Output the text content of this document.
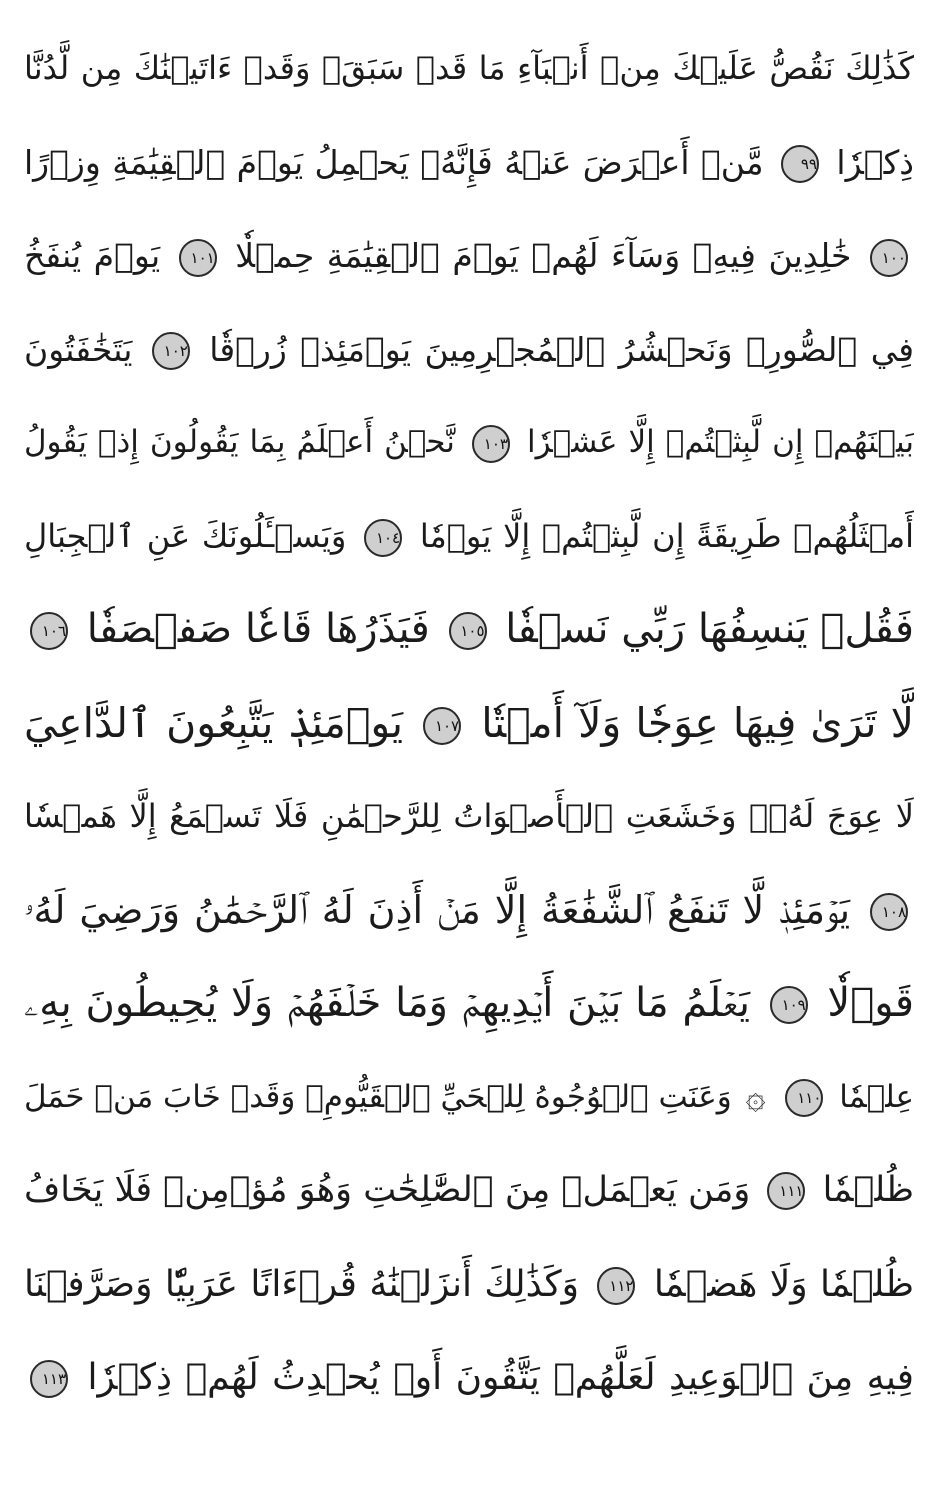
كَذَٰلِكَ نَقُصُّ عَلَيۡكَ مِنۡ أَنۢبَآءِ مَا قَدۡ سَبَقَۚ وَقَدۡ ءَاتَيۡنَٰكَ مِن لَّدُنَّا
ذِكۡرٗا ٩٩ مَّنۡ أَعۡرَضَ عَنۡهُ فَإِنَّهُۥ يَحۡمِلُ يَوۡمَ ٱلۡقِيَٰمَةِ وِزۡرًا
١٠٠ خَٰلِدِينَ فِيهِۖ وَسَآءَ لَهُمۡ يَوۡمَ ٱلۡقِيَٰمَةِ حِمۡلٗا ١٠١ يَوۡمَ يُنفَخُ
فِي ٱلصُّورِۚ وَنَحۡشُرُ ٱلۡمُجۡرِمِينَ يَوۡمَئِذٖ زُرۡقٗا ١٠٢ يَتَخَٰفَتُونَ
بَيۡنَهُمۡ إِن لَّبِثۡتُمۡ إِلَّا عَشۡرٗا ١٠٣ نَّحۡنُ أَعۡلَمُ بِمَا يَقُولُونَ إِذۡ يَقُولُ
أَمۡثَلُهُمۡ طَرِيقَةً إِن لَّبِثۡتُمۡ إِلَّا يَوۡمٗا ١٠٤ وَيَسۡـَٔلُونَكَ عَنِ ٱلۡجِبَالِ
فَقُلۡ يَنسِفُهَا رَبِّي نَسۡفٗا ١٠٥ فَيَذَرُهَا قَاعٗا صَفۡصَفٗا ١٠٦
لَّا تَرَىٰ فِيهَا عِوَجٗا وَلَآ أَمۡتٗا ١٠٧ يَوۡمَئِذٖ يَتَّبِعُونَ ٱلدَّاعِيَ
لَا عِوَجَ لَهُۥۖ وَخَشَعَتِ ٱلۡأَصۡوَاتُ لِلرَّحۡمَٰنِ فَلَا تَسۡمَعُ إِلَّا هَمۡسٗا
١٠٨ يَوۡمَئِذٖ لَّا تَنفَعُ ٱلشَّفَٰعَةُ إِلَّا مَنۡ أَذِنَ لَهُ ٱلرَّحۡمَٰنُ وَرَضِيَ لَهُۥ
قَوۡلٗا ١٠٩ يَعۡلَمُ مَا بَيۡنَ أَيۡدِيهِمۡ وَمَا خَلۡفَهُمۡ وَلَا يُحِيطُونَ بِهِۦ
عِلۡمٗا ١١٠ ۞ وَعَنَتِ ٱلۡوُجُوهُ لِلۡحَيِّ ٱلۡقَيُّومِۖ وَقَدۡ خَابَ مَنۡ حَمَلَ
ظُلۡمٗا ١١١ وَمَن يَعۡمَلۡ مِنَ ٱلصَّٰلِحَٰتِ وَهُوَ مُؤۡمِنٞ فَلَا يَخَافُ
ظُلۡمٗا وَلَا هَضۡمٗا ١١٢ وَكَذَٰلِكَ أَنزَلۡنَٰهُ قُرۡءَانًا عَرَبِيّٗا وَصَرَّفۡنَا
فِيهِ مِنَ ٱلۡوَعِيدِ لَعَلَّهُمۡ يَتَّقُونَ أَوۡ يُحۡدِثُ لَهُمۡ ذِكۡرٗا ١١٣
